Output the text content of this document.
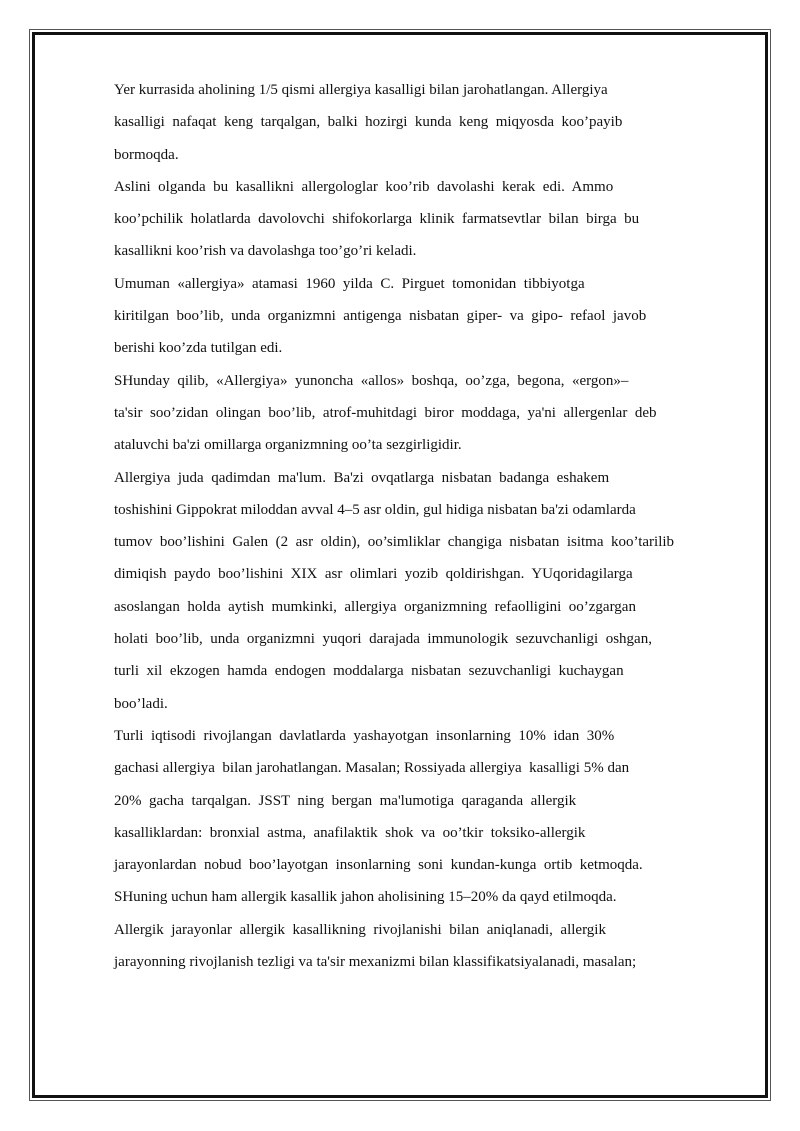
Yer kurrasida aholining 1/5 qismi allergiya kasalligi bilan jarohatlangan. Allergiya
kasalligi  nafaqat  keng  tarqalgan,  balki  hozirgi  kunda  keng  miqyosda  koo’payib
bormoqda.
Aslini  olganda  bu  kasallikni  allergologlar  koo’rib  davolashi  kerak  edi.  Ammo
koo’pchilik  holatlarda  davolovchi  shifokorlarga  klinik  farmatsevtlar  bilan  birga  bu
kasallikni koo’rish va davolashga too’go’ri keladi.
Umuman  «allergiya»  atamasi  1960  yilda  C.  Pirguet  tomonidan  tibbiyotga
kiritilgan  boo’lib,  unda  organizmni  antigenga  nisbatan  giper-  va  gipo-  refaol  javob
berishi koo’zda tutilgan edi.
SHunday  qilib,  «Allergiya»  yunoncha  «allos»  boshqa,  oo’zga,  begona,  «ergon»–
ta'sir  soo’zidan  olingan  boo’lib,  atrof-muhitdagi  biror  moddaga,  ya'ni  allergenlar  deb
ataluvchi ba'zi omillarga organizmning oo’ta sezgirligidir.
Allergiya  juda  qadimdan  ma'lum.  Ba'zi  ovqatlarga  nisbatan  badanga  eshakem
toshishini Gippokrat miloddan avval 4–5 asr oldin, gul hidiga nisbatan ba'zi odamlarda
tumov  boo’lishini  Galen  (2  asr  oldin),  oo’simliklar  changiga  nisbatan  isitma  koo’tarilib
dimiqish  paydo  boo’lishini  XIX  asr  olimlari  yozib  qoldirishgan.  YUqoridagilarga
asoslangan  holda  aytish  mumkinki,  allergiya  organizmning  refaolligini  oo’zgargan
holati  boo’lib,  unda  organizmni  yuqori  darajada  immunologik  sezuvchanligi  oshgan,
turli  xil  ekzogen  hamda  endogen  moddalarga  nisbatan  sezuvchanligi  kuchaygan
boo’ladi.
Turli  iqtisodi  rivojlangan  davlatlarda  yashayotgan  insonlarning  10%  idan  30%
gachasi allergiya  bilan jarohatlangan. Masalan; Rossiyada allergiya  kasalligi 5% dan
20%  gacha  tarqalgan.  JSST  ning  bergan  ma'lumotiga  qaraganda  allergik
kasalliklardan:  bronxial  astma,  anafilaktik  shok  va  oo’tkir  toksiko-allergik
jarayonlardan  nobud  boo’layotgan  insonlarning  soni  kundan-kunga  ortib  ketmoqda.
SHuning uchun ham allergik kasallik jahon aholisining 15–20% da qayd etilmoqda.
Allergik  jarayonlar  allergik  kasallikning  rivojlanishi  bilan  aniqlanadi,  allergik
jarayonning rivojlanish tezligi va ta'sir mexanizmi bilan klassifikatsiyalanadi, masalan;
